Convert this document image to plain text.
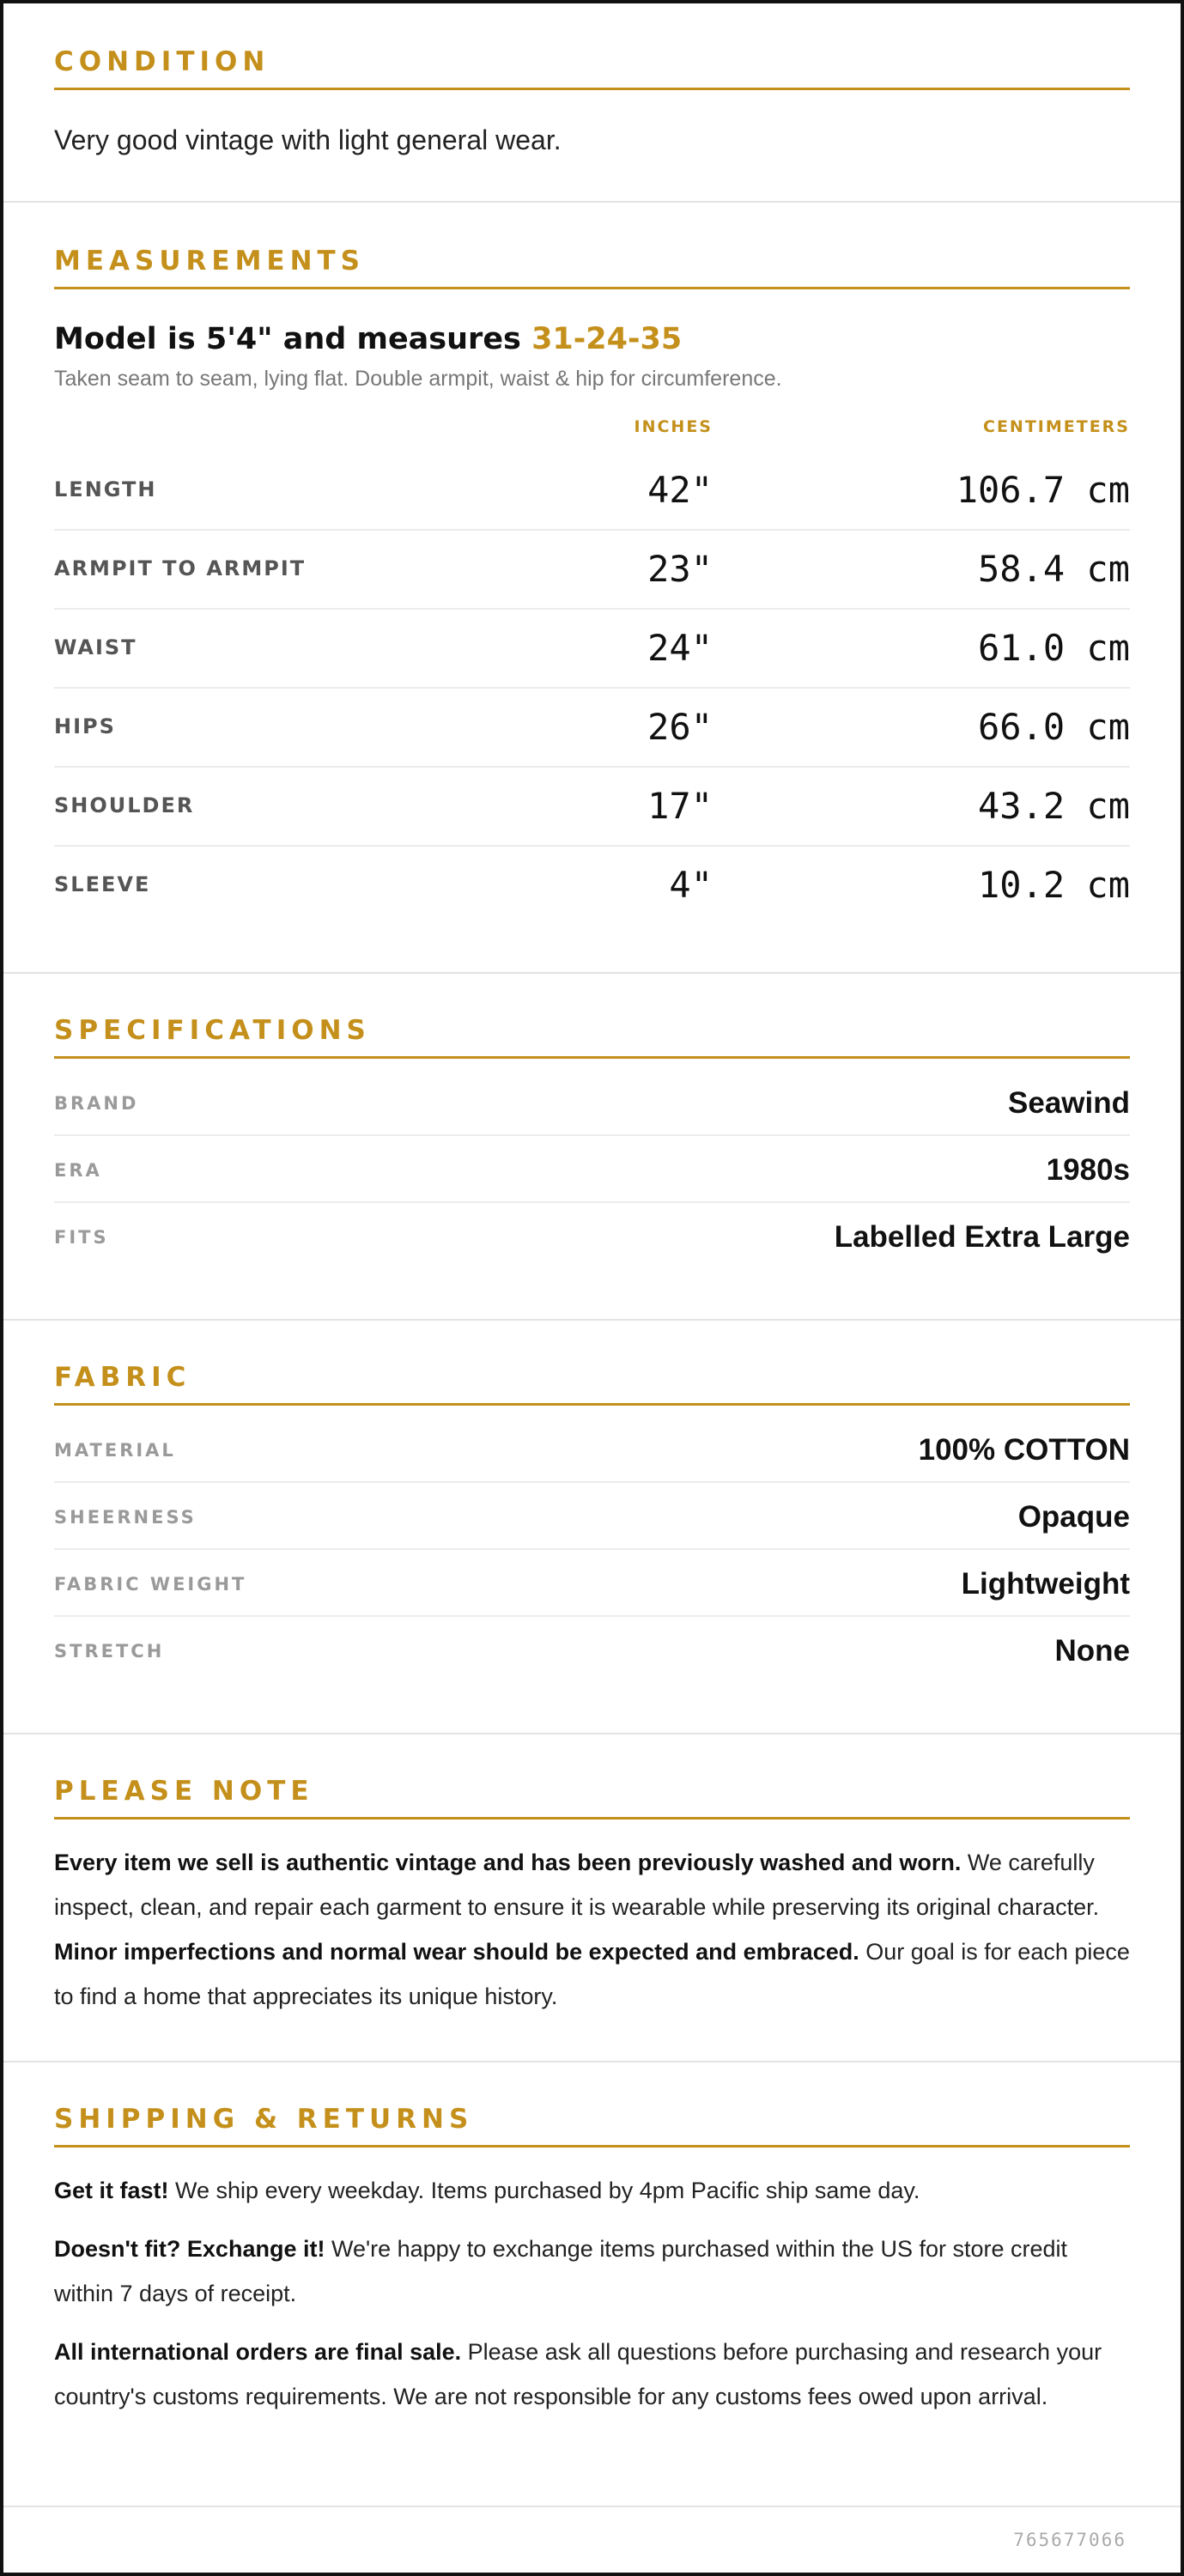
CONDITION
Very good vintage with light general wear.
MEASUREMENTS
Model is 5'4" and measures 31-24-35
Taken seam to seam, lying flat. Double armpit, waist & hip for circumference.
INCHES	CENTIMETERS
LENGTH	42"	106.7 cm
ARMPIT TO ARMPIT	23"	58.4 cm
WAIST	24"	61.0 cm
HIPS	26"	66.0 cm
SHOULDER	17"	43.2 cm
SLEEVE	4"	10.2 cm
SPECIFICATIONS
BRAND	Seawind
ERA	1980s
FITS	Labelled Extra Large
FABRIC
MATERIAL	100% COTTON
SHEERNESS	Opaque
FABRIC WEIGHT	Lightweight
STRETCH	None
PLEASE NOTE

Every item we sell is authentic vintage and has been previously washed and worn. We carefully inspect, clean, and repair each garment to ensure it is wearable while preserving its original character. Minor imperfections and normal wear should be expected and embraced. Our goal is for each piece to find a home that appreciates its unique history.

SHIPPING & RETURNS

Get it fast! We ship every weekday. Items purchased by 4pm Pacific ship same day.

Doesn't fit? Exchange it! We're happy to exchange items purchased within the US for store credit within 7 days of receipt.

All international orders are final sale. Please ask all questions before purchasing and research your country's customs requirements. We are not responsible for any customs fees owed upon arrival.

765677066
